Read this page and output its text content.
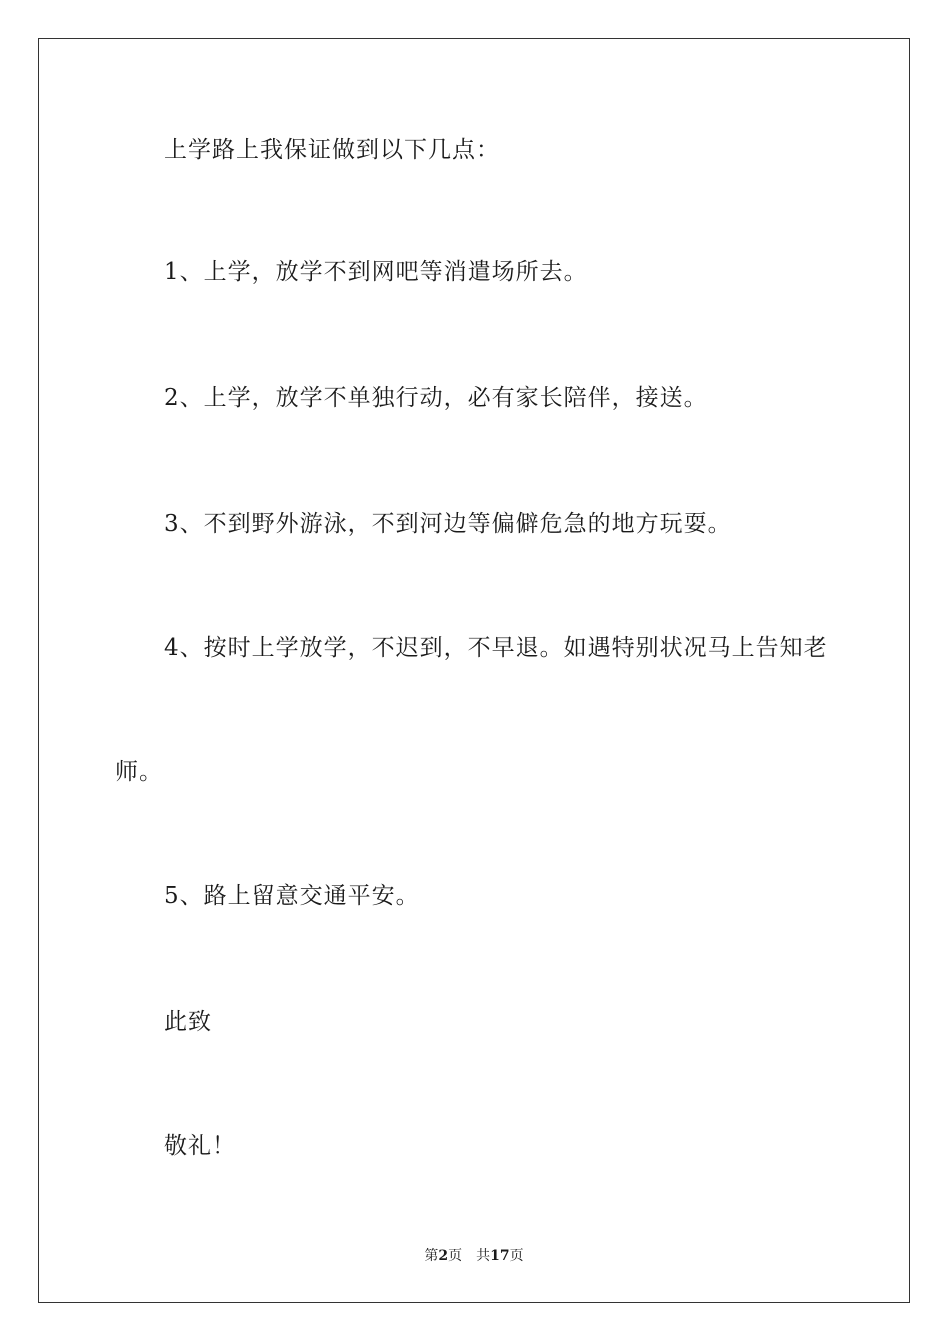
上学路上我保证做到以下几点：
1、上学，放学不到网吧等消遣场所去。
2、上学，放学不单独行动，必有家长陪伴，接送。
3、不到野外游泳，不到河边等偏僻危急的地方玩耍。
4、按时上学放学，不迟到，不早退。如遇特别状况马上告知老
师。
5、路上留意交通平安。
此致
敬礼！
第2页 共17页
